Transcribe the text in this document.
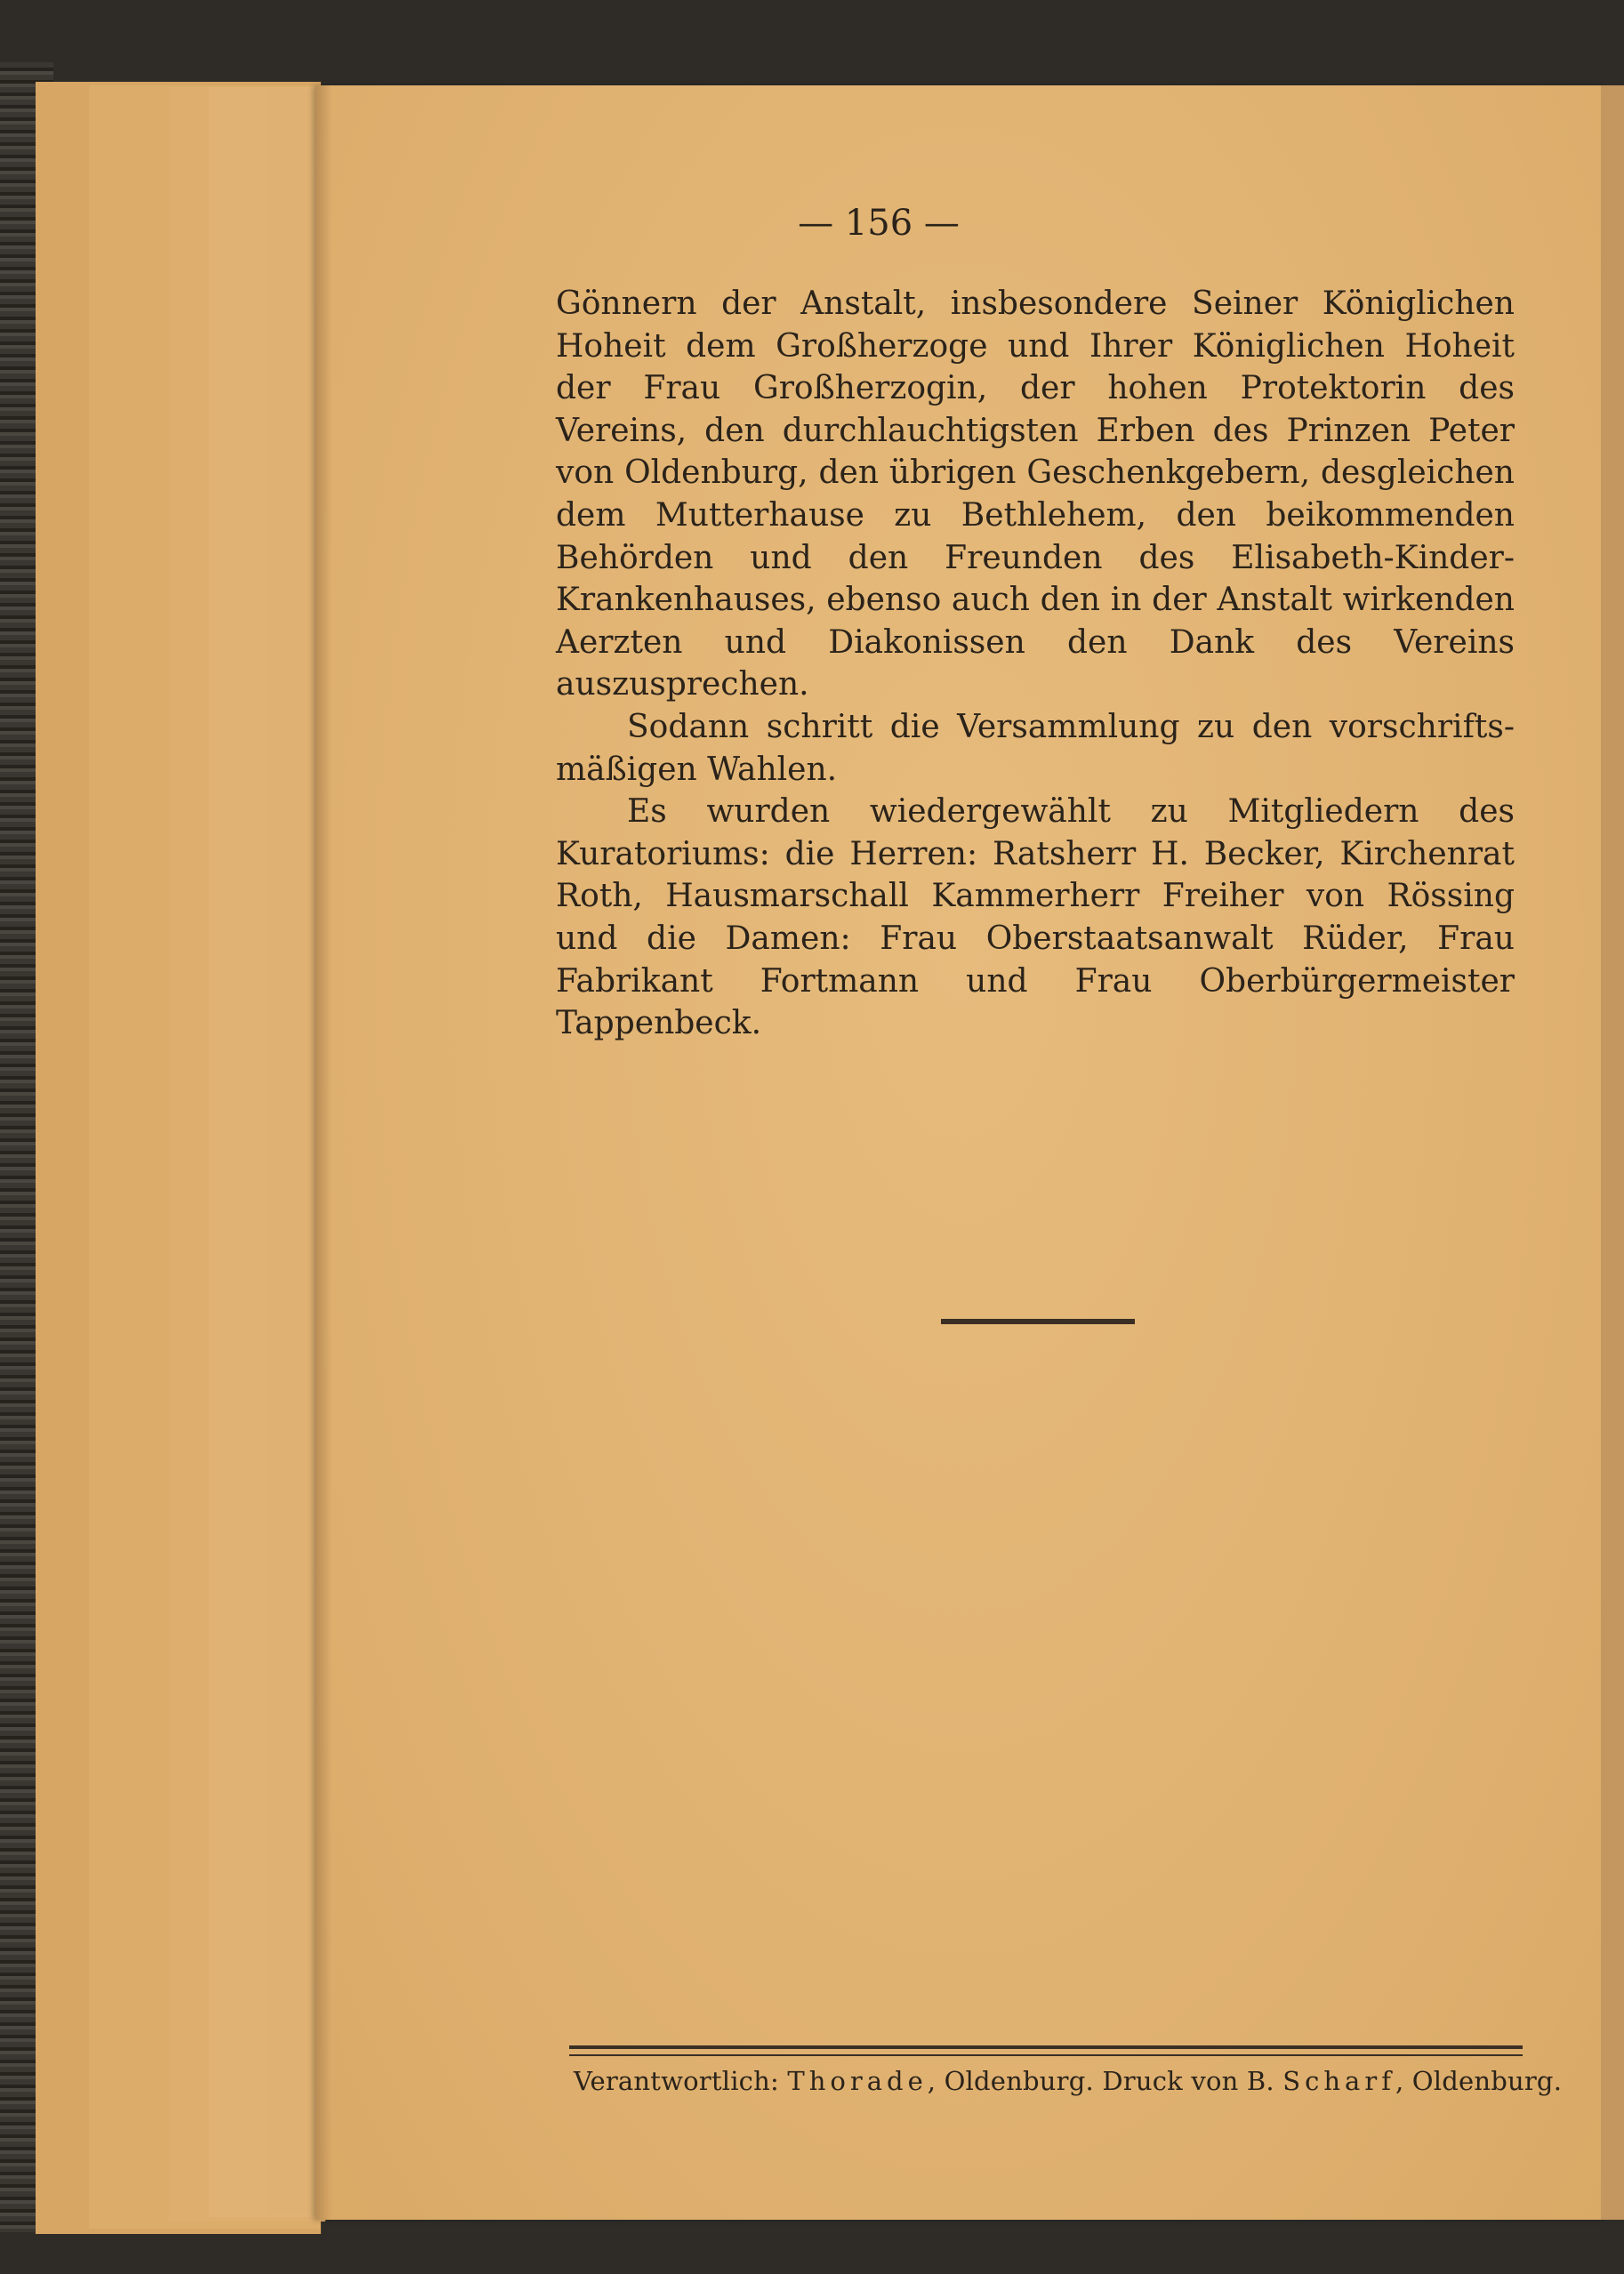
— 156 —

Gönnern der Anstalt, insbesondere Seiner Königlichen Hoheit dem Großherzoge und Ihrer Königlichen Hoheit der Frau Großherzogin, der hohen Protektorin des Vereins, den durchlauchtigsten Erben des Prinzen Peter von Oldenburg, den übrigen Geschenkgebern, desgleichen dem Mutterhause zu Bethlehem, den beikommenden Behörden und den Freunden des Elisabeth-Kinder-Krankenhauses, ebenso auch den in der Anstalt wirkenden Aerzten und Diakonissen den Dank des Vereins auszusprechen.

Sodann schritt die Versammlung zu den vorschrifts-mäßigen Wahlen.

Es wurden wiedergewählt zu Mitgliedern des Kuratoriums: die Herren: Ratsherr H. Becker, Kirchenrat Roth, Hausmarschall Kammerherr Freiher von Rössing und die Damen: Frau Oberstaatsanwalt Rüder, Frau Fabrikant Fortmann und Frau Oberbürgermeister Tappenbeck.

Verantwortlich: Thorade, Oldenburg. Druck von B. Scharf, Oldenburg.
